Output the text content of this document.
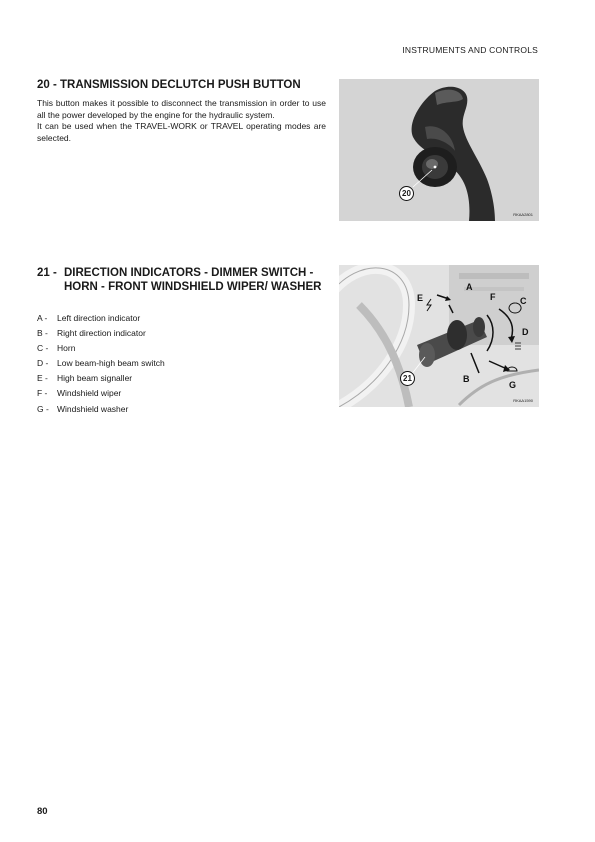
INSTRUMENTS AND CONTROLS
20 - TRANSMISSION DECLUTCH PUSH BUTTON

This button makes it possible to disconnect the transmission in order to use all the power developed by the engine for the hydraulic system.

It can be used when the TRAVEL-WORK or TRAVEL operating modes are selected.

20
RKAA2801
21 - DIRECTION INDICATORS - DIMMER SWITCH - HORN - FRONT WINDSHIELD WIPER/ WASHER
A - Left direction indicator
B - Right direction indicator
C - Horn
D - Low beam-high beam switch
E - High beam signaller
F - Windshield wiper
G - Windshield washer
A
B
C
D
E	F
G
21
RKAA1590
80
